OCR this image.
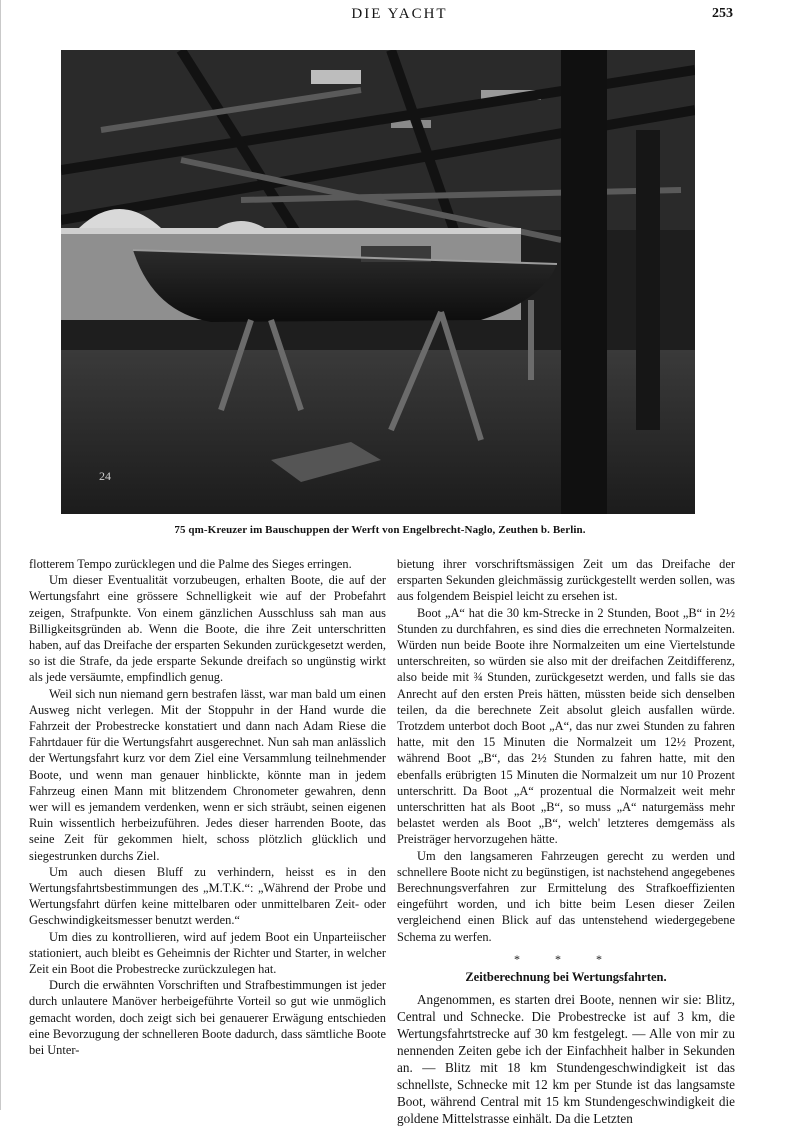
DIE YACHT	253
24
75 qm-Kreuzer im Bauschuppen der Werft von Engelbrecht-Naglo, Zeuthen b. Berlin.

flotterem Tempo zurücklegen und die Palme des Sieges erringen.

Um dieser Eventualität vorzubeugen, erhalten Boote, die auf der Wertungsfahrt eine grössere Schnelligkeit wie auf der Probefahrt zeigen, Strafpunkte. Von einem gänzlichen Ausschluss sah man aus Billigkeitsgründen ab. Wenn die Boote, die ihre Zeit unterschritten haben, auf das Dreifache der ersparten Sekunden zurückgesetzt werden, so ist die Strafe, da jede ersparte Sekunde dreifach so ungünstig wirkt als jede versäumte, empfindlich genug.

Weil sich nun niemand gern bestrafen lässt, war man bald um einen Ausweg nicht verlegen. Mit der Stoppuhr in der Hand wurde die Fahrzeit der Probestrecke konstatiert und dann nach Adam Riese die Fahrtdauer für die Wertungsfahrt ausgerechnet. Nun sah man anlässlich der Wertungsfahrt kurz vor dem Ziel eine Versammlung teilnehmender Boote, und wenn man genauer hinblickte, könnte man in jedem Fahrzeug einen Mann mit blitzendem Chronometer gewahren, denn wer will es jemandem verdenken, wenn er sich sträubt, seinen eigenen Ruin wissentlich herbeizuführen. Jedes dieser harrenden Boote, das seine Zeit für gekommen hielt, schoss plötzlich glücklich und siegestrunken durchs Ziel.

Um auch diesen Bluff zu verhindern, heisst es in den Wertungsfahrtsbestimmungen des „M.T.K.“: „Während der Probe und Wertungsfahrt dürfen keine mittelbaren oder unmittelbaren Zeit- oder Geschwindigkeitsmesser benutzt werden.“

Um dies zu kontrollieren, wird auf jedem Boot ein Unparteiischer stationiert, auch bleibt es Geheimnis der Richter und Starter, in welcher Zeit ein Boot die Probestrecke zurückzulegen hat.

Durch die erwähnten Vorschriften und Strafbestimmungen ist jeder durch unlautere Manöver herbeigeführte Vorteil so gut wie unmöglich gemacht worden, doch zeigt sich bei genauerer Erwägung entschieden eine Bevorzugung der schnelleren Boote dadurch, dass sämtliche Boote bei Unter-

bietung ihrer vorschriftsmässigen Zeit um das Dreifache der ersparten Sekunden gleichmässig zurückgestellt werden sollen, was aus folgendem Beispiel leicht zu ersehen ist.

Boot „A“ hat die 30 km-Strecke in 2 Stunden, Boot „B“ in 2½ Stunden zu durchfahren, es sind dies die errechneten Normalzeiten. Würden nun beide Boote ihre Normalzeiten um eine Viertelstunde unterschreiten, so würden sie also mit der dreifachen Zeitdifferenz, also beide mit ¾ Stunden, zurückgesetzt werden, und falls sie das Anrecht auf den ersten Preis hätten, müssten beide sich denselben teilen, da die berechnete Zeit absolut gleich ausfallen würde. Trotzdem unterbot doch Boot „A“, das nur zwei Stunden zu fahren hatte, mit den 15 Minuten die Normalzeit um 12½ Prozent, während Boot „B“, das 2½ Stunden zu fahren hatte, mit den ebenfalls erübrigten 15 Minuten die Normalzeit um nur 10 Prozent unterschritt. Da Boot „A“ prozentual die Normalzeit weit mehr unterschritten hat als Boot „B“, so muss „A“ naturgemäss mehr belastet werden als Boot „B“, welch' letzteres demgemäss als Preisträger hervorzugehen hätte.

Um den langsameren Fahrzeugen gerecht zu werden und schnellere Boote nicht zu begünstigen, ist nachstehend angegebenes Berechnungsverfahren zur Ermittelung des Strafkoeffizienten eingeführt worden, und ich bitte beim Lesen dieser Zeilen vergleichend einen Blick auf das untenstehend wiedergegebene Schema zu werfen.

* * *
Zeitberechnung bei Wertungsfahrten.

Angenommen, es starten drei Boote, nennen wir sie: Blitz, Central und Schnecke. Die Probestrecke ist auf 3 km, die Wertungsfahrtstrecke auf 30 km festgelegt. — Alle von mir zu nennenden Zeiten gebe ich der Einfachheit halber in Sekunden an. — Blitz mit 18 km Stundengeschwindigkeit ist das schnellste, Schnecke mit 12 km per Stunde ist das langsamste Boot, während Central mit 15 km Stundengeschwindigkeit die goldene Mittelstrasse einhält. Da die Letzten
